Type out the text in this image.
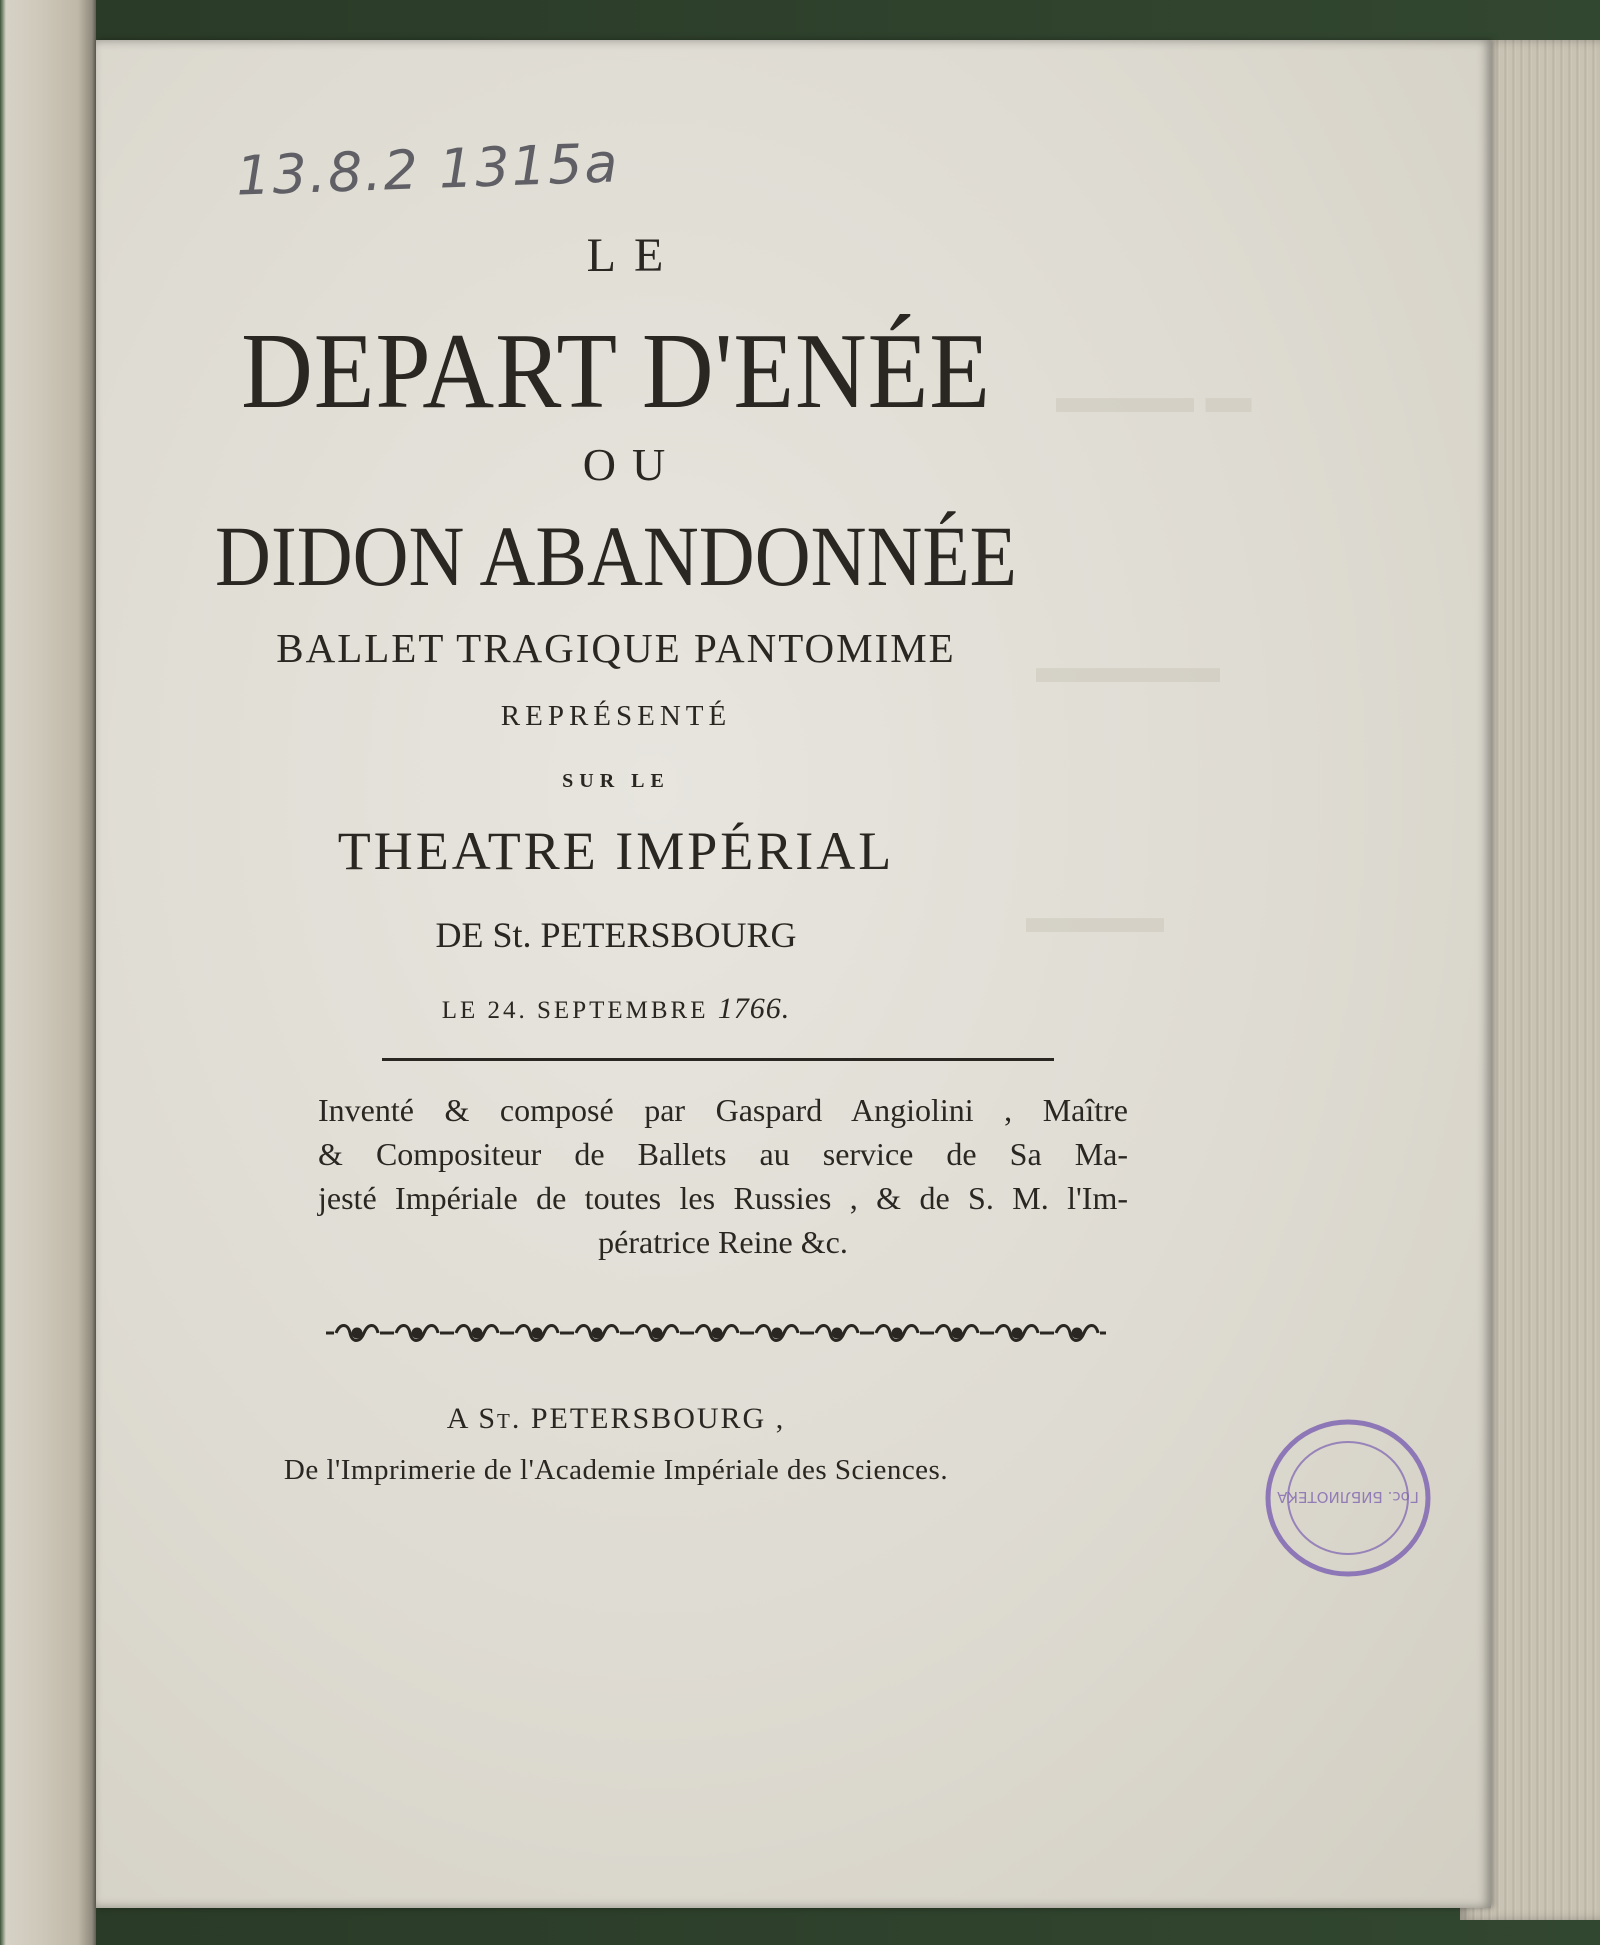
▬ ▬▬▬
▬▬▬▬
▬▬▬
13.8.2 1315a
LE
DEPART D'ENÉE
OU
DIDON ABANDONNÉE
BALLET TRAGIQUE PANTOMIME
REPRÉSENTÉ
SUR LE
THEATRE IMPÉRIAL
DE St. PETERSBOURG
LE 24. SEPTEMBRE 1766.
Inventé & composé par Gaspard Angiolini , Maître
& Compositeur de Ballets au service de Sa Ma-
jesté Impériale de toutes les Russies , & de S. M. l'Im-
pératrice Reine &c.
A St. PETERSBOURG ,
De l'Imprimerie de l'Academie Impériale des Sciences.
Гос. БИБЛИОТЕКА
